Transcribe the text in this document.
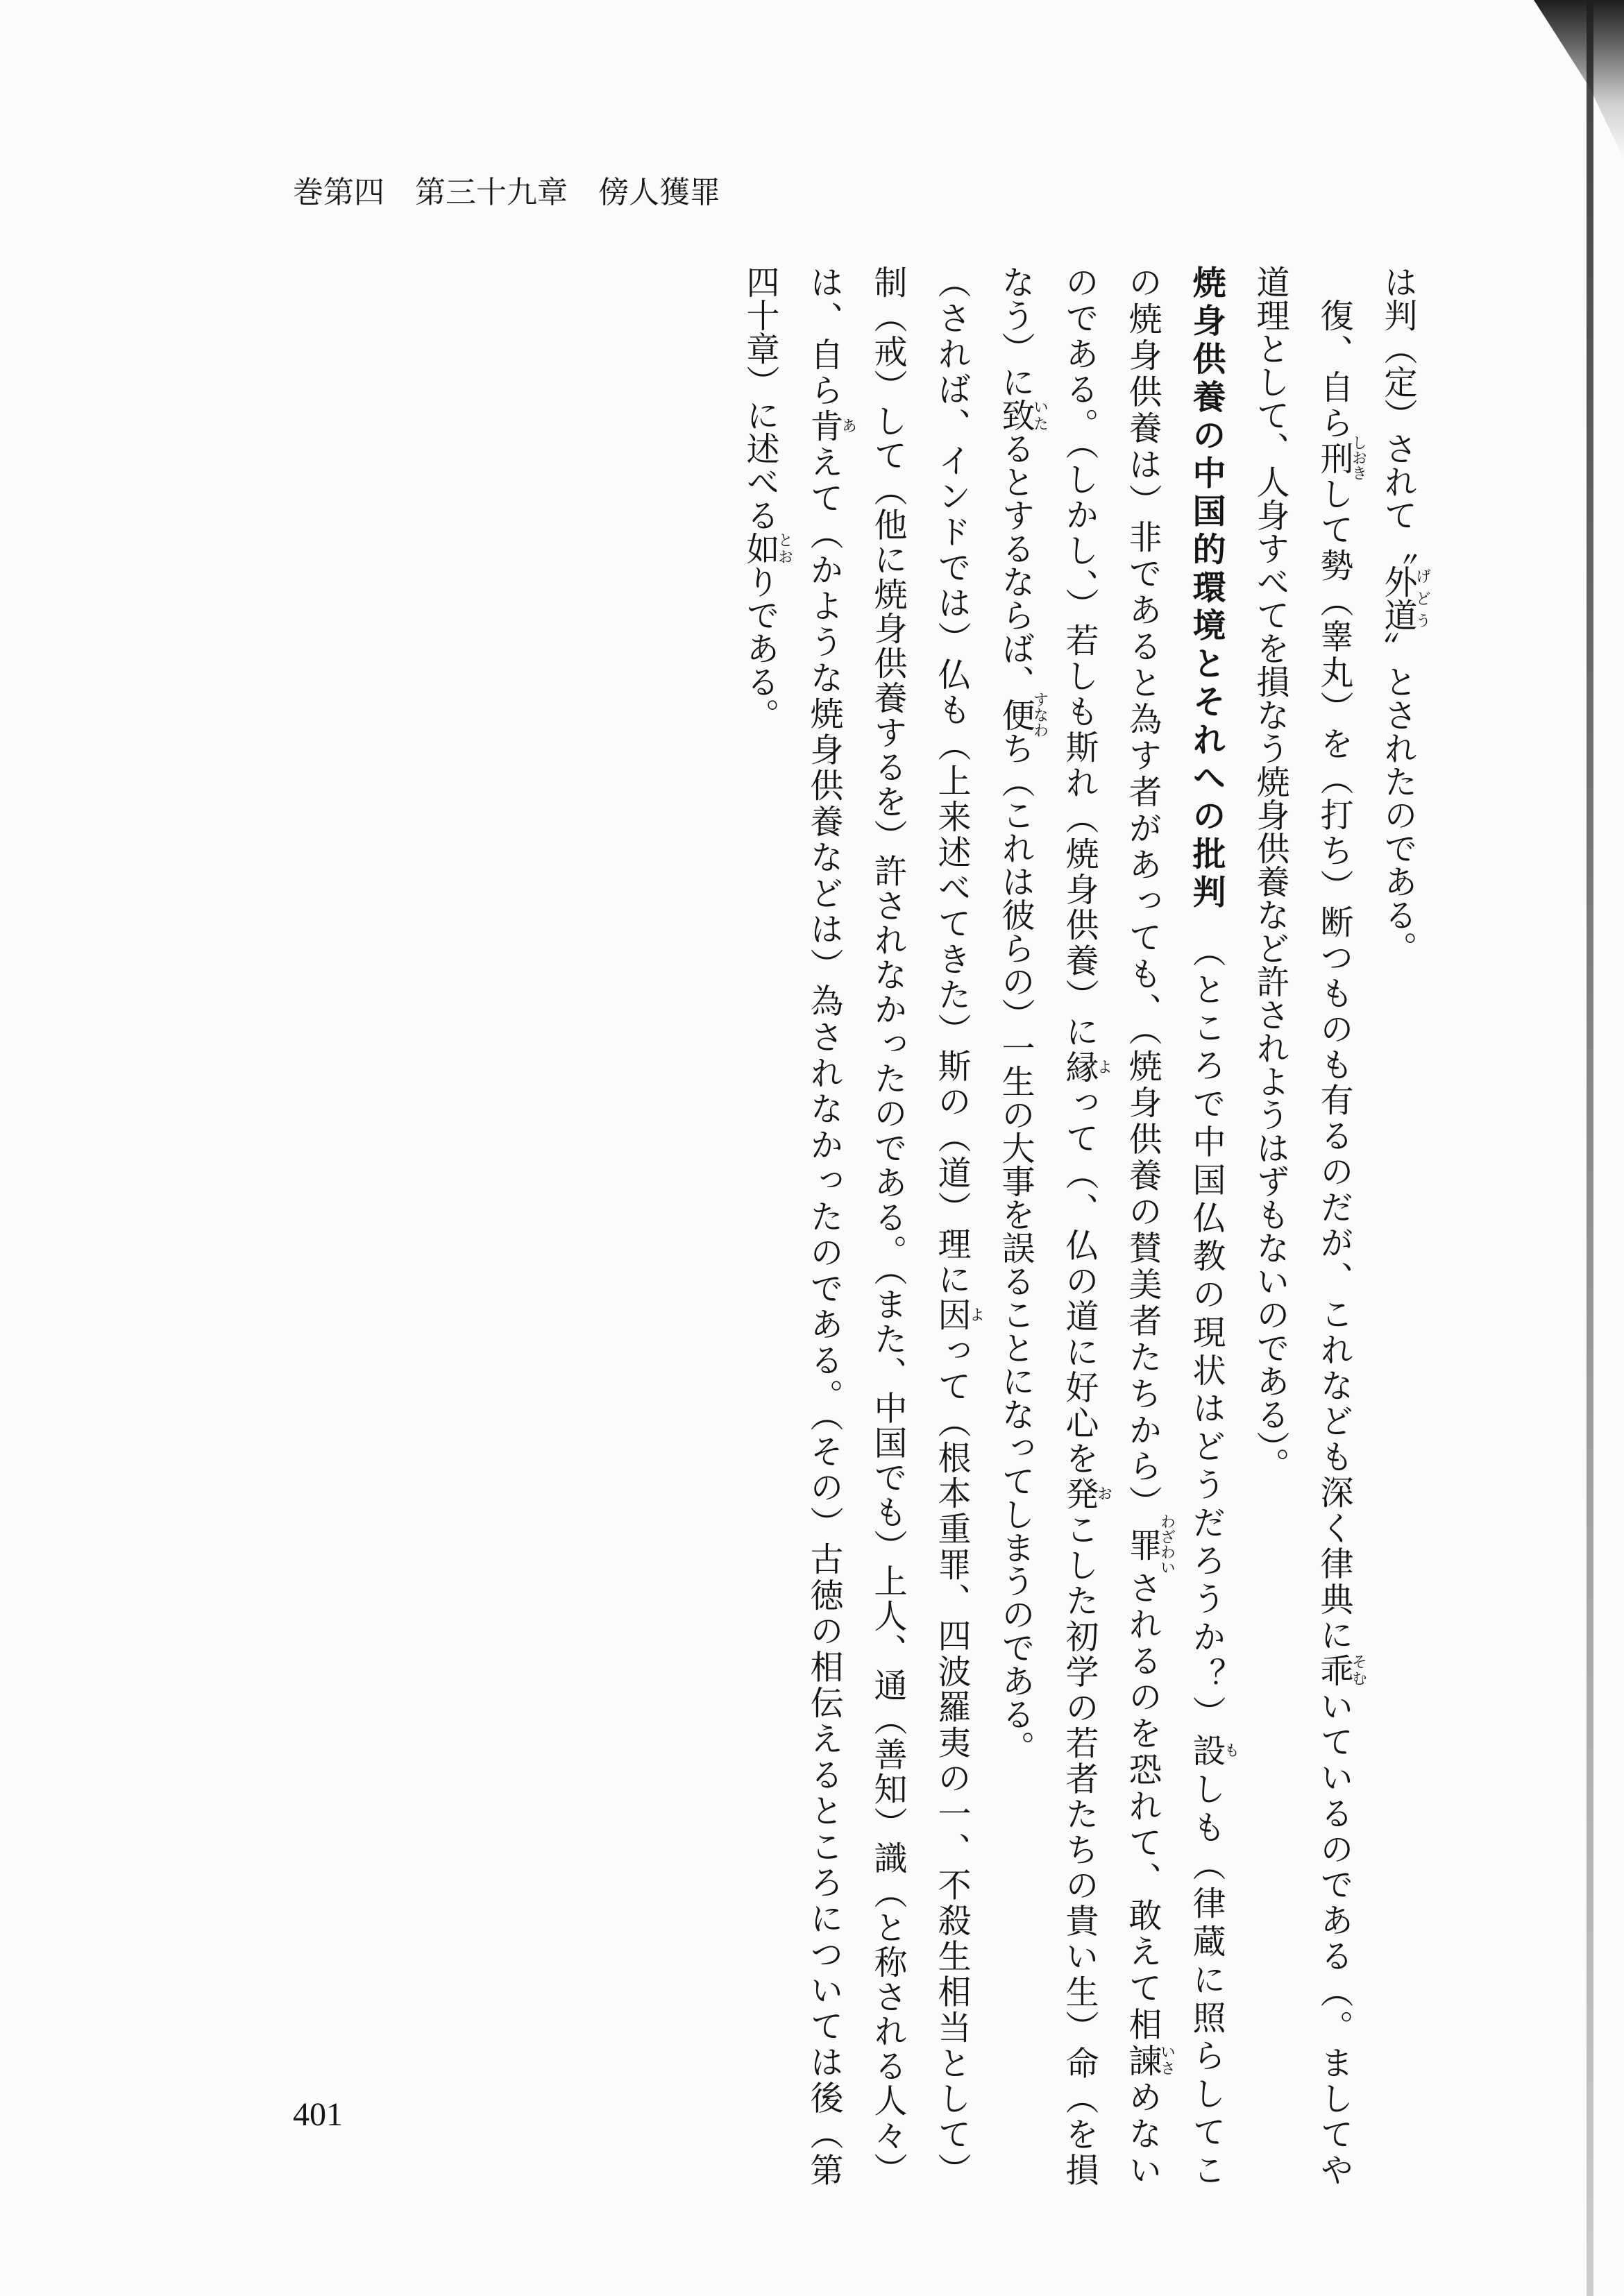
巻第四　第三十九章　傍人獲罪
は判（定）されて〝外道げどう〟とされたのである。
復、自ら刑しおきして勢（睾丸）を（打ち）断つものも有るのだが、これなども深く律典に乖そむいているのである（。ましてや
道理として、人身すべてを損なう焼身供養など許されようはずもないのである）。
焼身供養の中国的環境とそれへの批判　（ところで中国仏教の現状はどうだろうか？）設もしも（律蔵に照らしてこ
の焼身供養は）非であると為す者があっても、（焼身供養の賛美者たちから）罪わざわいされるのを恐れて、敢えて相諫いさめない
のである。（しかし、）若しも斯れ（焼身供養）に縁よって（、仏の道に好心を発おこした初学の若者たちの貴い生）命（を損
なう）に致いたるとするならば、便すなわち（これは彼らの）一生の大事を誤ることになってしまうのである。
（されば、インドでは）仏も（上来述べてきた）斯の（道）理に因よって（根本重罪、四波羅夷の一、不殺生相当として）
制（戒）して（他に焼身供養するを）許されなかったのである。（また、中国でも）上人、通（善知）識（と称される人々）
は、自ら肯あえて（かような焼身供養などは）為されなかったのである。（その）古徳の相伝えるところについては後（第
四十章）に述べる如とおりである。
401
